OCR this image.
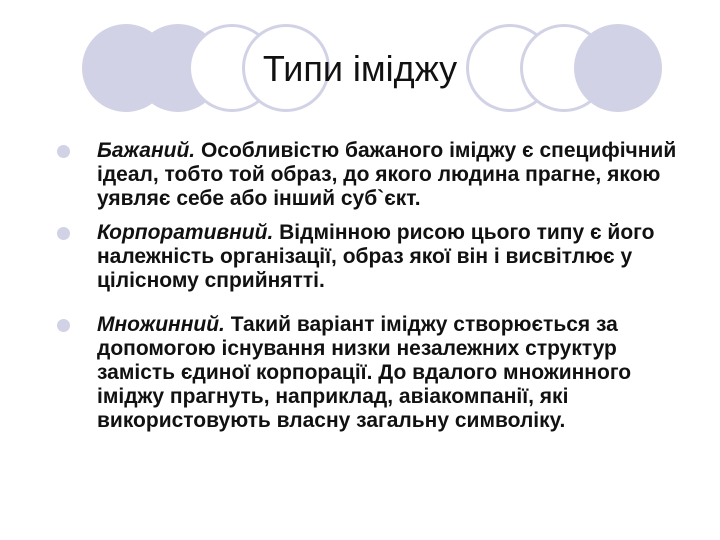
Типи іміджу
Бажаний. Особливістю бажаного іміджу є специфічний ідеал, тобто той образ, до якого людина прагне, якою уявляє себе або інший суб`єкт.
Корпоративний. Відмінною рисою цього типу є його належність організації, образ якої він і висвітлює у цілісному сприйнятті.
Множинний. Такий варіант іміджу створюється за допомогою існування низки незалежних структур замість єдиної корпорації. До вдалого множинного іміджу прагнуть, наприклад, авіакомпанії, які використовують власну загальну символіку.
